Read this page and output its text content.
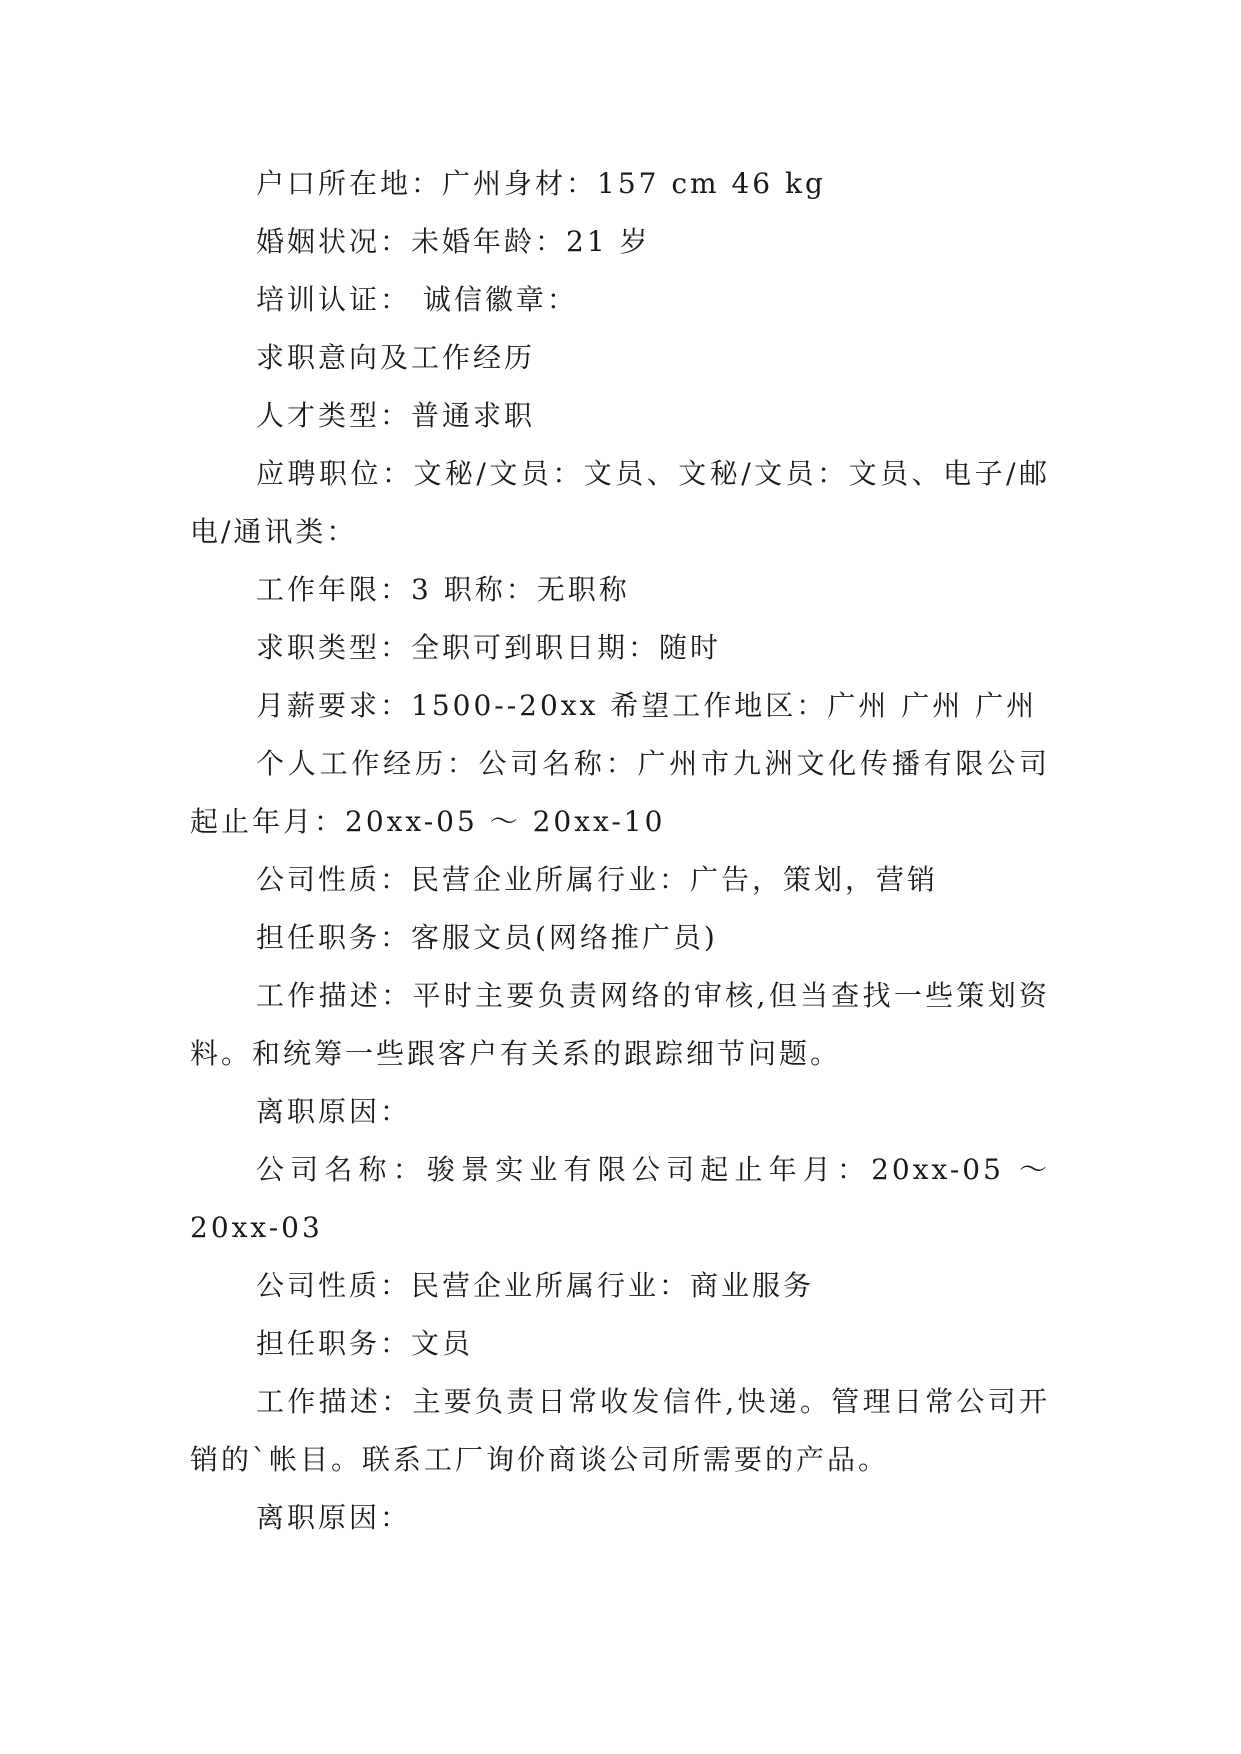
户口所在地：广州身材：157 cm 46 kg

婚姻状况：未婚年龄：21 岁

培训认证： 诚信徽章：

求职意向及工作经历

人才类型：普通求职

应聘职位：文秘/文员：文员、文秘/文员：文员、电子/邮电/通讯类：

工作年限：3 职称：无职称

求职类型：全职可到职日期：随时

月薪要求：1500--20xx 希望工作地区：广州 广州 广州

个人工作经历：公司名称：广州市九洲文化传播有限公司起止年月：20xx-05 ～ 20xx-10

公司性质：民营企业所属行业：广告，策划，营销

担任职务：客服文员(网络推广员)

工作描述：平时主要负责网络的审核,但当查找一些策划资料。和统筹一些跟客户有关系的跟踪细节问题。

离职原因：

公司名称：骏景实业有限公司起止年月：20xx-05 ～ 20xx-03

公司性质：民营企业所属行业：商业服务

担任职务：文员

工作描述：主要负责日常收发信件,快递。管理日常公司开销的`帐目。联系工厂询价商谈公司所需要的产品。

离职原因：
